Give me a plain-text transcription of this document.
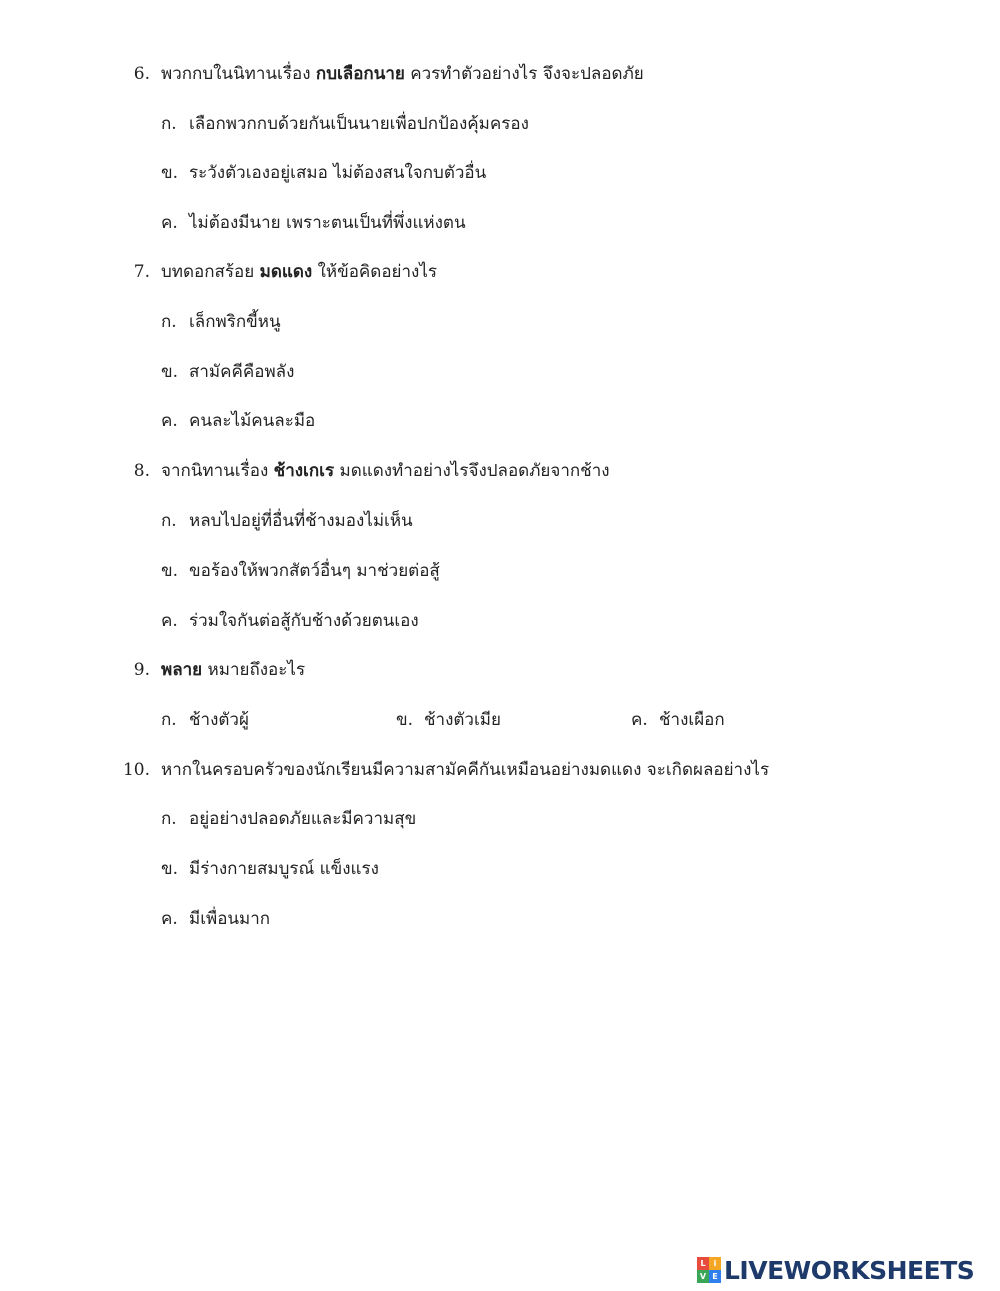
6. พวกกบในนิทานเรื่อง กบเลือกนาย ควรทำตัวอย่างไร จึงจะปลอดภัย
ก. เลือกพวกกบด้วยกันเป็นนายเพื่อปกป้องคุ้มครอง
ข. ระวังตัวเองอยู่เสมอ ไม่ต้องสนใจกบตัวอื่น
ค. ไม่ต้องมีนาย เพราะตนเป็นที่พึ่งแห่งตน
7. บทดอกสร้อย มดแดง ให้ข้อคิดอย่างไร
ก. เล็กพริกขี้หนู
ข. สามัคคีคือพลัง
ค. คนละไม้คนละมือ
8. จากนิทานเรื่อง ช้างเกเร มดแดงทำอย่างไรจึงปลอดภัยจากช้าง
ก. หลบไปอยู่ที่อื่นที่ช้างมองไม่เห็น
ข. ขอร้องให้พวกสัตว์อื่นๆ มาช่วยต่อสู้
ค. ร่วมใจกันต่อสู้กับช้างด้วยตนเอง
9. พลาย หมายถึงอะไร
ก. ช้างตัวผู้	ข. ช้างตัวเมีย	ค. ช้างเผือก
10. หากในครอบครัวของนักเรียนมีความสามัคคีกันเหมือนอย่างมดแดง จะเกิดผลอย่างไร
ก. อยู่อย่างปลอดภัยและมีความสุข
ข. มีร่างกายสมบูรณ์ แข็งแรง
ค. มีเพื่อนมาก
L	i
V E LIVEWORKSHEETS
